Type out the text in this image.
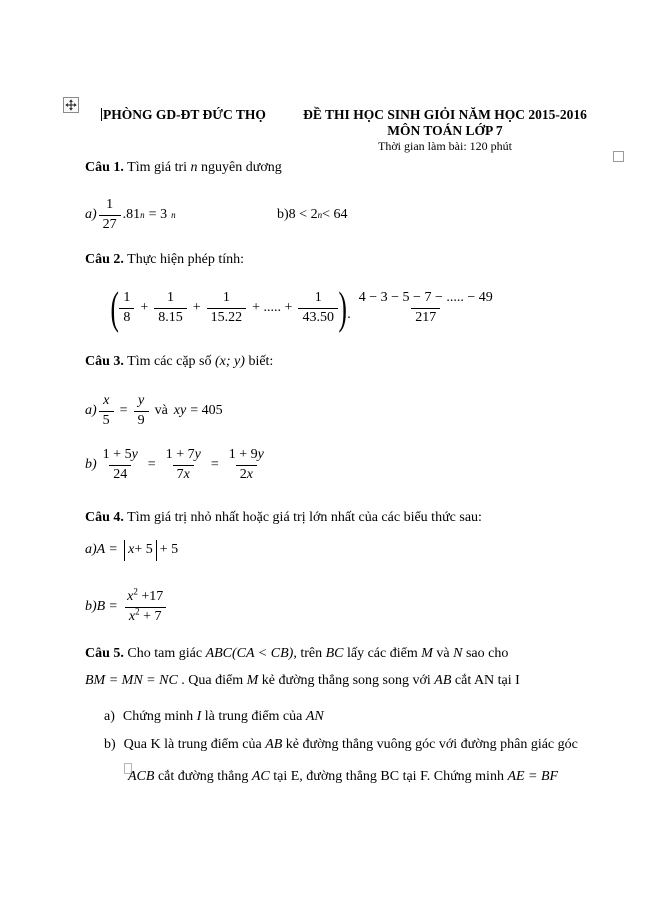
PHÒNG GD-ĐT ĐỨC THỌ	ĐỀ THI HỌC SINH GIỎI NĂM HỌC 2015-2016
MÔN TOÁN LỚP 7
Thời gian làm bài: 120 phút
Câu 1. Tìm giá tri n nguyên dương
$a) \frac{1}{27} .81$ n = 3 n	b) 8 < 2 n < 64
Câu 2. Thực hiện phép tính:
( $\frac{1}{8} + \frac{1}{8.15} + \frac{1}{15.22}$ + ..... + $\frac{1}{43.50}$ ) . $\frac{4 - 3 - 5 - 7 - ..... - 49}{217}$
Câu 3. Tìm các cặp số (x; y) biết:
$a) \frac{x}{5} = \frac{y}{9}$ và xy = 405
$b) \frac{1 + 5y}{24} = \frac{1 + 7y}{7x} = \frac{1 + 9y}{2x}$
Câu 4. Tìm giá trị nhỏ nhất hoặc giá trị lớn nhất của các biểu thức sau:
a) A = x + 5 + 5
b) $B = \frac{x^2 +17}{x^2 + 7}$
Câu 5. Cho tam giác ABC(CA < CB), trên BC lấy các điểm M và N sao cho
BM = MN = NC . Qua điểm M kẻ đường thẳng song song với AB cắt AN tại I
a) Chứng minh I là trung điểm của AN
b) Qua K là trung điểm của AB kẻ đường thẳng vuông góc với đường phân giác góc
ACB cắt đường thẳng AC tại E, đường thẳng BC tại F. Chứng minh AE = BF
